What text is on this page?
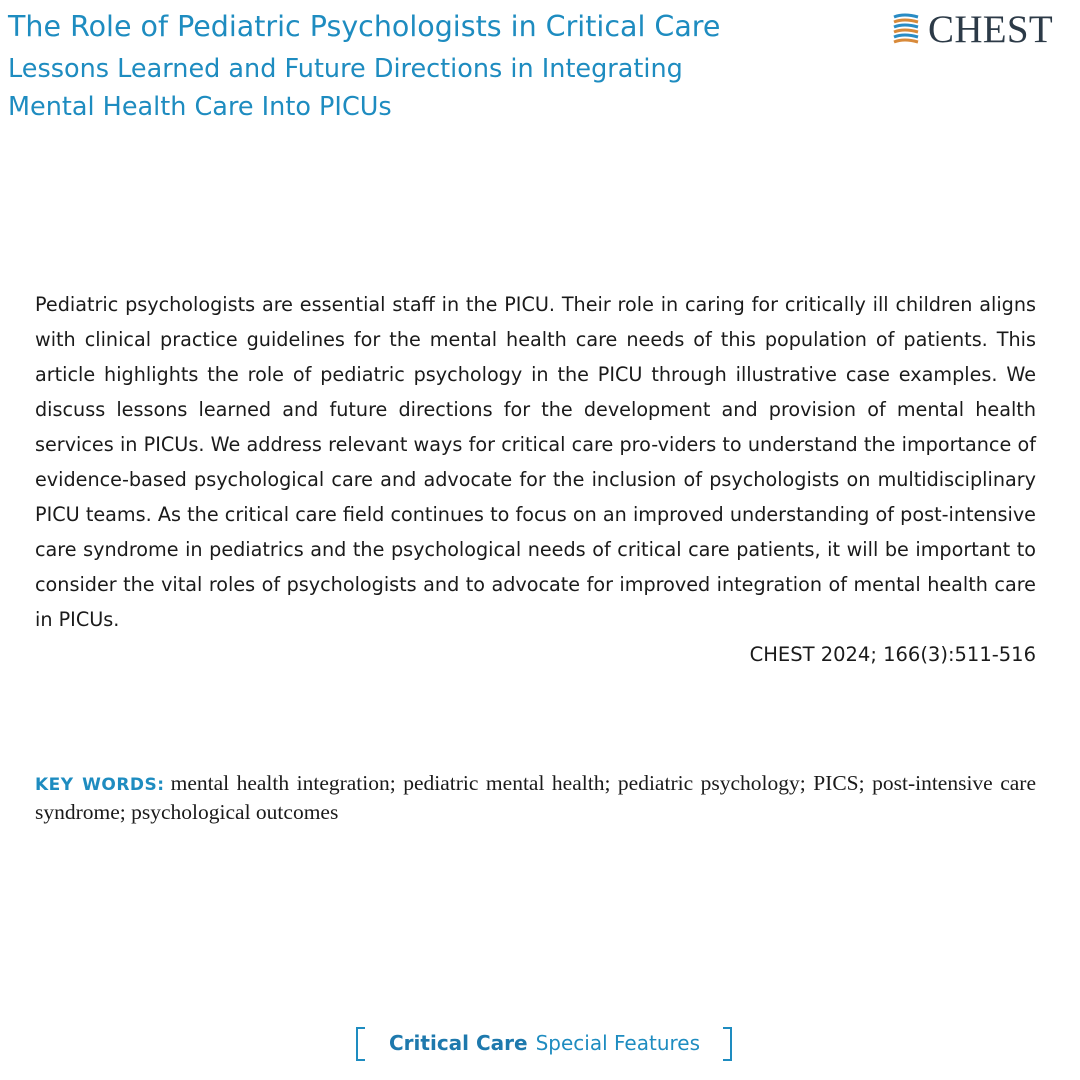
The Role of Pediatric Psychologists in Critical Care
Lessons Learned and Future Directions in Integrating
Mental Health Care Into PICUs
CHEST

Pediatric psychologists are essential staff in the PICU. Their role in caring for critically ill children aligns with clinical practice guidelines for the mental health care needs of this population of patients. This article highlights the role of pediatric psychology in the PICU through illustrative case examples. We discuss lessons learned and future directions for the development and provision of mental health services in PICUs. We address relevant ways for critical care pro-viders to understand the importance of evidence-based psychological care and advocate for the inclusion of psychologists on multidisciplinary PICU teams. As the critical care field continues to focus on an improved understanding of post-intensive care syndrome in pediatrics and the psychological needs of critical care patients, it will be important to consider the vital roles of psychologists and to advocate for improved integration of mental health care in PICUs.

CHEST 2024; 166(3):511-516

KEY WORDS: mental health integration; pediatric mental health; pediatric psychology; PICS; post-intensive care syndrome; psychological outcomes

Critical Care Special Features
